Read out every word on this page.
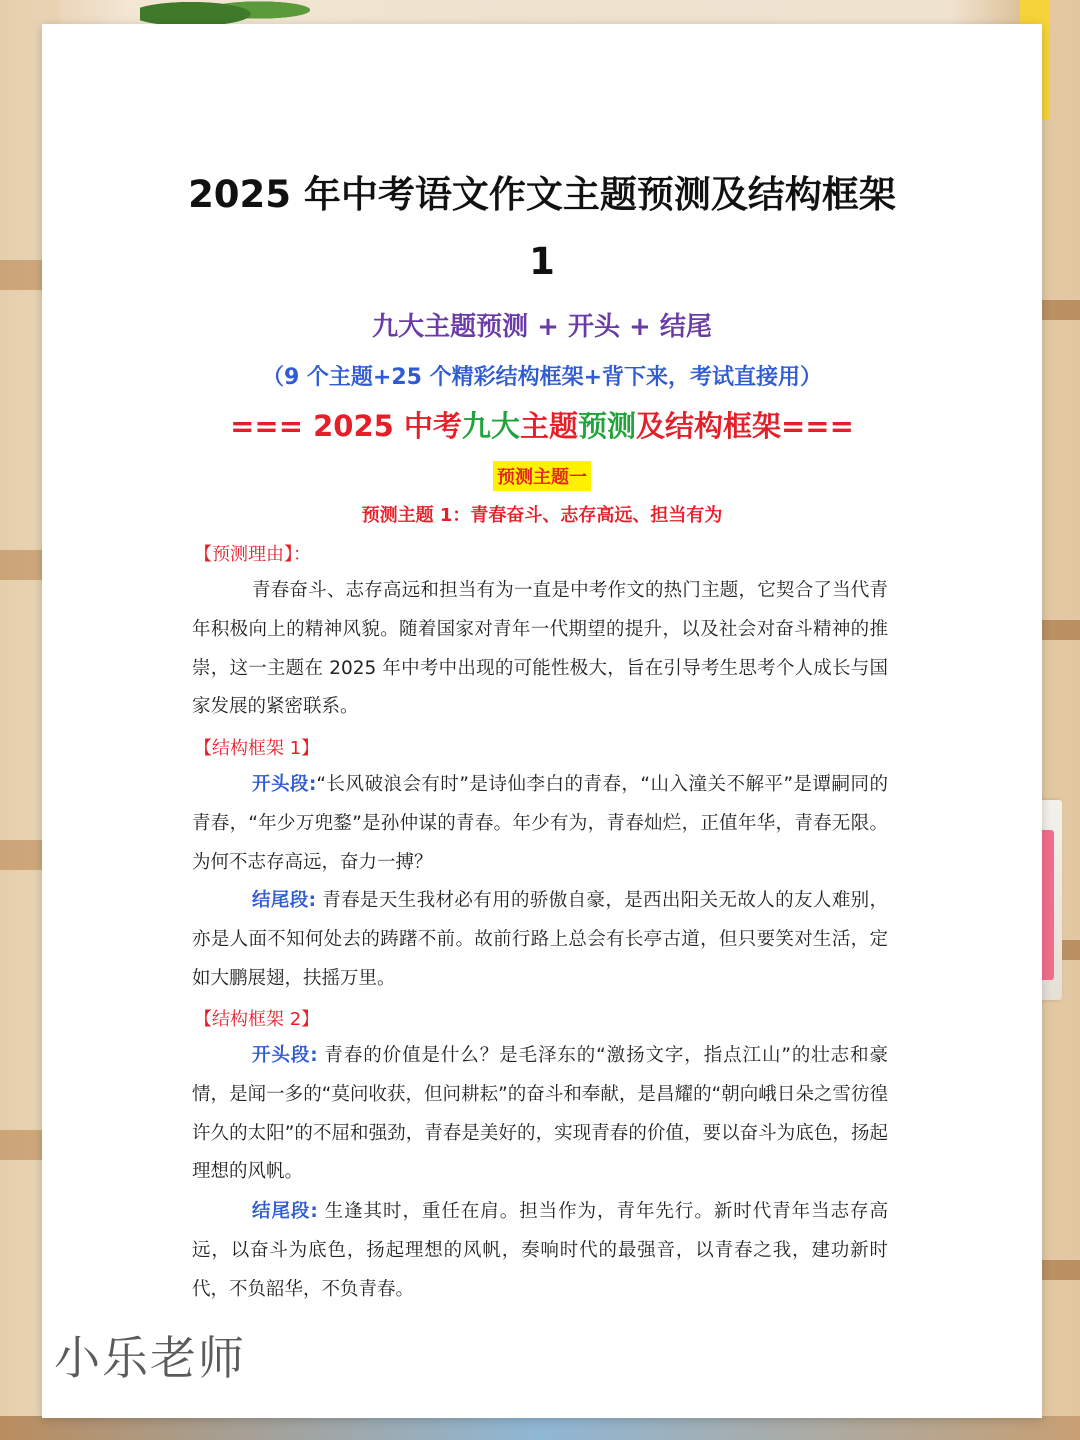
2025 年中考语文作文主题预测及结构框架
1
九大主题预测 + 开头 + 结尾
（9 个主题+25 个精彩结构框架+背下来，考试直接用）
=== 2025 中考九大主题预测及结构框架===
预测主题一
预测主题 1：青春奋斗、志存高远、担当有为
【预测理由】：

青春奋斗、志存高远和担当有为一直是中考作文的热门主题，它契合了当代青年积极向上的精神风貌。随着国家对青年一代期望的提升，以及社会对奋斗精神的推崇，这一主题在 2025 年中考中出现的可能性极大，旨在引导考生思考个人成长与国家发展的紧密联系。

【结构框架 1】

开头段:“长风破浪会有时”是诗仙李白的青春，“山入潼关不解平”是谭嗣同的青春，“年少万兜鍪”是孙仲谋的青春。年少有为，青春灿烂，正值年华，青春无限。为何不志存高远，奋力一搏？

结尾段: 青春是天生我材必有用的骄傲自豪，是西出阳关无故人的友人难别，亦是人面不知何处去的踌躇不前。故前行路上总会有长亭古道，但只要笑对生活，定如大鹏展翅，扶摇万里。

【结构框架 2】

开头段: 青春的价值是什么？是毛泽东的“激扬文字，指点江山”的壮志和豪情，是闻一多的“莫问收获，但问耕耘”的奋斗和奉献，是昌耀的“朝向峨日朵之雪彷徨许久的太阳”的不屈和强劲，青春是美好的，实现青春的价值，要以奋斗为底色，扬起理想的风帆。

结尾段: 生逢其时，重任在肩。担当作为，青年先行。新时代青年当志存高远，以奋斗为底色，扬起理想的风帆，奏响时代的最强音，以青春之我，建功新时代，不负韶华，不负青春。

小乐老师
